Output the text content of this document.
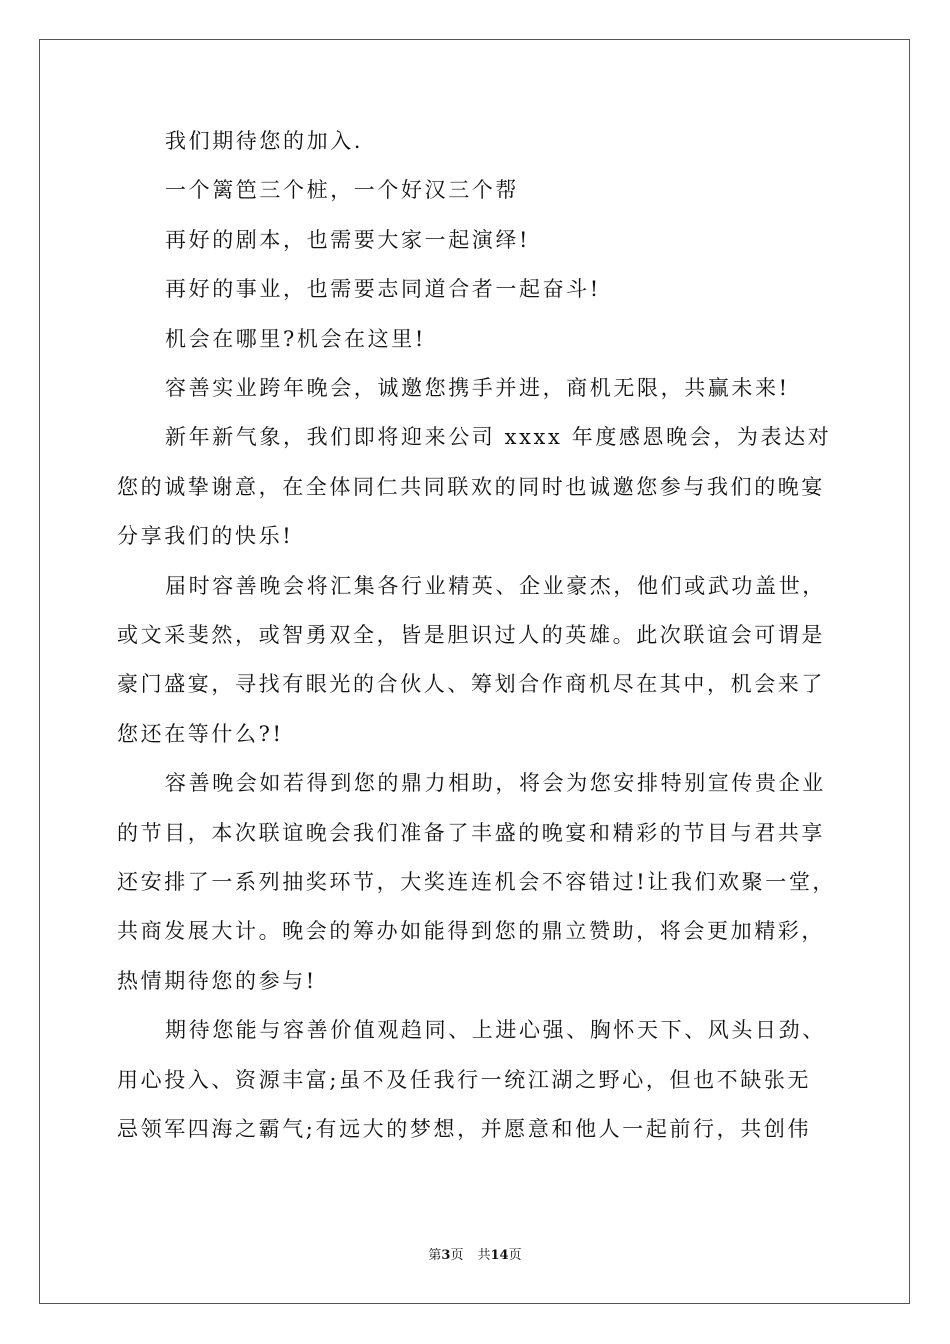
我们期待您的加入.
一个篱笆三个桩，一个好汉三个帮
再好的剧本，也需要大家一起演绎!
再好的事业，也需要志同道合者一起奋斗!
机会在哪里?机会在这里!
容善实业跨年晚会，诚邀您携手并进，商机无限，共赢未来!
新年新气象，我们即将迎来公司 xxxx 年度感恩晚会，为表达对
您的诚挚谢意，在全体同仁共同联欢的同时也诚邀您参与我们的晚宴
分享我们的快乐!
届时容善晚会将汇集各行业精英、企业豪杰，他们或武功盖世，
或文采斐然，或智勇双全，皆是胆识过人的英雄。此次联谊会可谓是
豪门盛宴，寻找有眼光的合伙人、筹划合作商机尽在其中，机会来了
您还在等什么?!
容善晚会如若得到您的鼎力相助，将会为您安排特别宣传贵企业
的节目，本次联谊晚会我们准备了丰盛的晚宴和精彩的节目与君共享
还安排了一系列抽奖环节，大奖连连机会不容错过!让我们欢聚一堂，
共商发展大计。晚会的筹办如能得到您的鼎立赞助，将会更加精彩，
热情期待您的参与!
期待您能与容善价值观趋同、上进心强、胸怀天下、风头日劲、
用心投入、资源丰富;虽不及任我行一统江湖之野心，但也不缺张无
忌领军四海之霸气;有远大的梦想，并愿意和他人一起前行，共创伟
第3页 共14页
